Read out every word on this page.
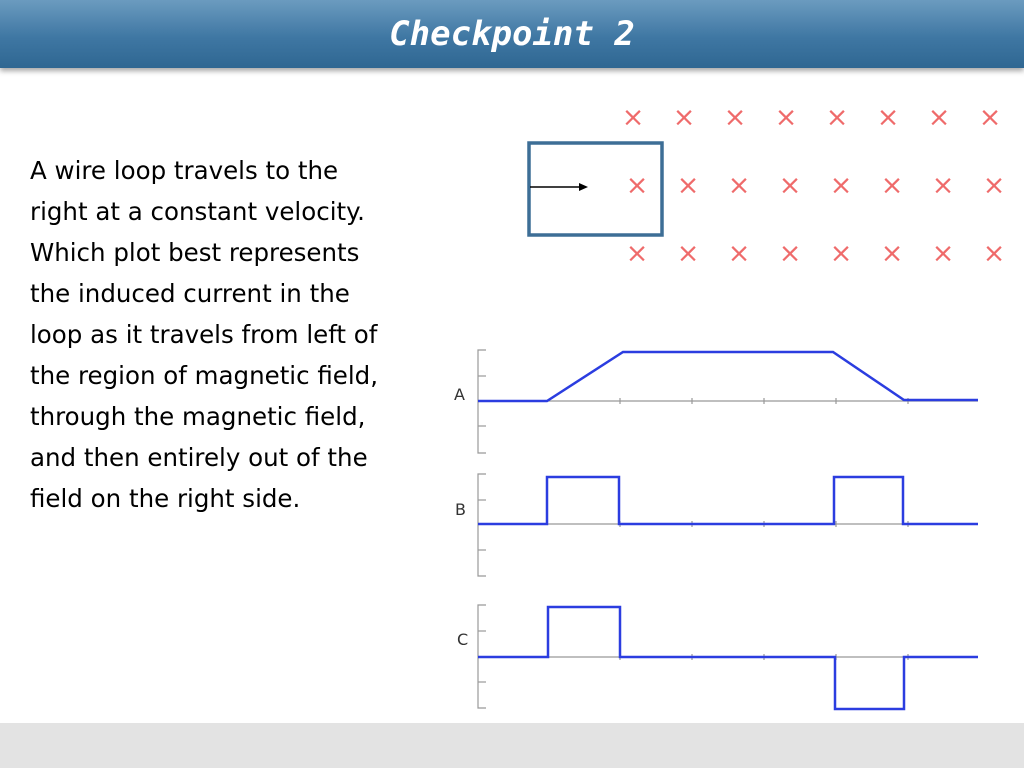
Checkpoint 2
A wire loop travels to the
right at a constant velocity.
Which plot best represents
the induced current in the
loop as it travels from left of
the region of magnetic field,
through the magnetic field,
and then entirely out of the
field on the right side.
× × × × × × × ×
× × × × × × × ×
× × × × × × × ×
A
B
C
